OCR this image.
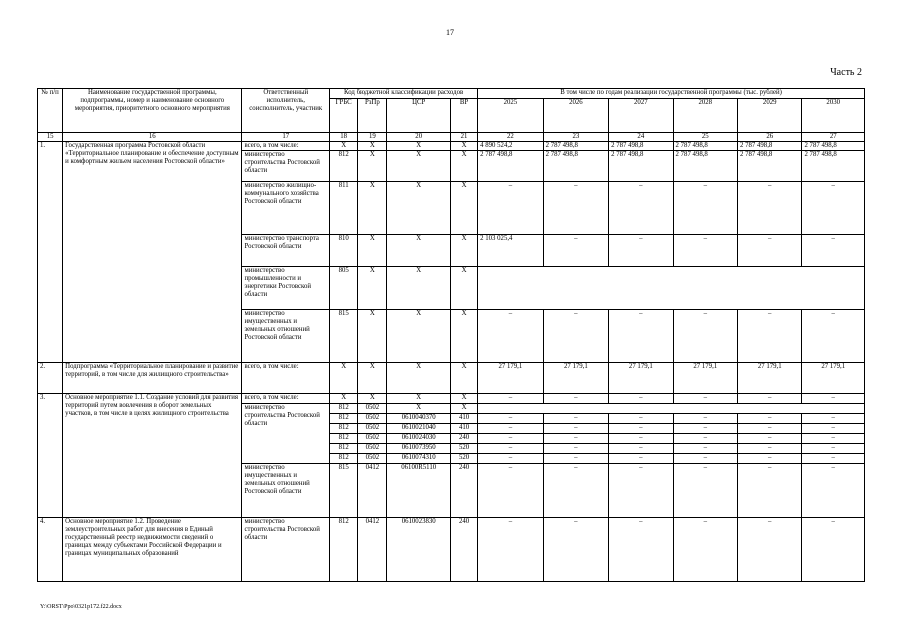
17
Часть 2
№ п/п	Наименование государственной программы, подпрограммы, номер и наименование основного мероприятия, приоритетного основного мероприятия	Ответственный исполнитель, соисполнитель, участник	Код бюджетной классификации расходов				В том числе по годам реализации государственной программы (тыс. рублей)					
			ГРБС	РзПр	ЦСР	ВР	2025	2026	2027	2028	2029	2030
15	16	17	18	19	20	21	22	23	24	25	26	27
1.	Государственная программа Ростовской области «Территориальное планирование и обеспечение доступным и комфортным жильем населения Ростовской области»	всего, в том числе:	X	X	X	X	4 890 524,2	2 787 498,8	2 787 498,8	2 787 498,8	2 787 498,8	2 787 498,8
		министерство строительства Ростовской области	812	X	X	X	2 787 498,8	2 787 498,8	2 787 498,8	2 787 498,8	2 787 498,8	2 787 498,8
		министерство жилищно-коммунального хозяйства Ростовской области	811	X	X	X	–	–	–	–	–	–
		министерство транспорта Ростовской области	810	X	X	X	2 103 025,4	–	–	–	–	–
		министерство промышленности и энергетики Ростовской области	805	X	X	X						
		министерство имущественных и земельных отношений Ростовской области	815	X	X	X	–	–	–	–	–	–
2.	Подпрограмма «Территориальное планирование и развитие территорий, в том числе для жилищного строительства»	всего, в том числе:	X	X	X	X	27 179,1	27 179,1	27 179,1	27 179,1	27 179,1	27 179,1
3.	Основное мероприятие 1.1. Создание условий для развития территорий путем вовлечения в оборот земельных участков, в том числе в целях жилищного строительства	всего, в том числе:	X	X	X	X	–	–	–	–	–	–
		министерство строительства Ростовской области	812	0502	X	X						
			812	0502	0610040370	410	–	–	–	–	–	–
			812	0502	0610021040	410	–	–	–	–	–	–
			812	0502	0610024030	240	–	–	–	–	–	–
			812	0502	0610073950	520	–	–	–	–	–	–
			812	0502	0610074310	520	–	–	–	–	–	–
		министерство имущественных и земельных отношений Ростовской области	815	0412	06100R5110	240	–	–	–	–	–	–
4.	Основное мероприятие 1.2. Проведение землеустроительных работ для внесения в Единый государственный реестр недвижимости сведений о границах между субъектами Российской Федерации и границах муниципальных образований	министерство строительства Ростовской области	812	0412	0610023830	240	–	–	–	–	–	–
Y:\ORST\Ppo\0321p172.f22.docx
